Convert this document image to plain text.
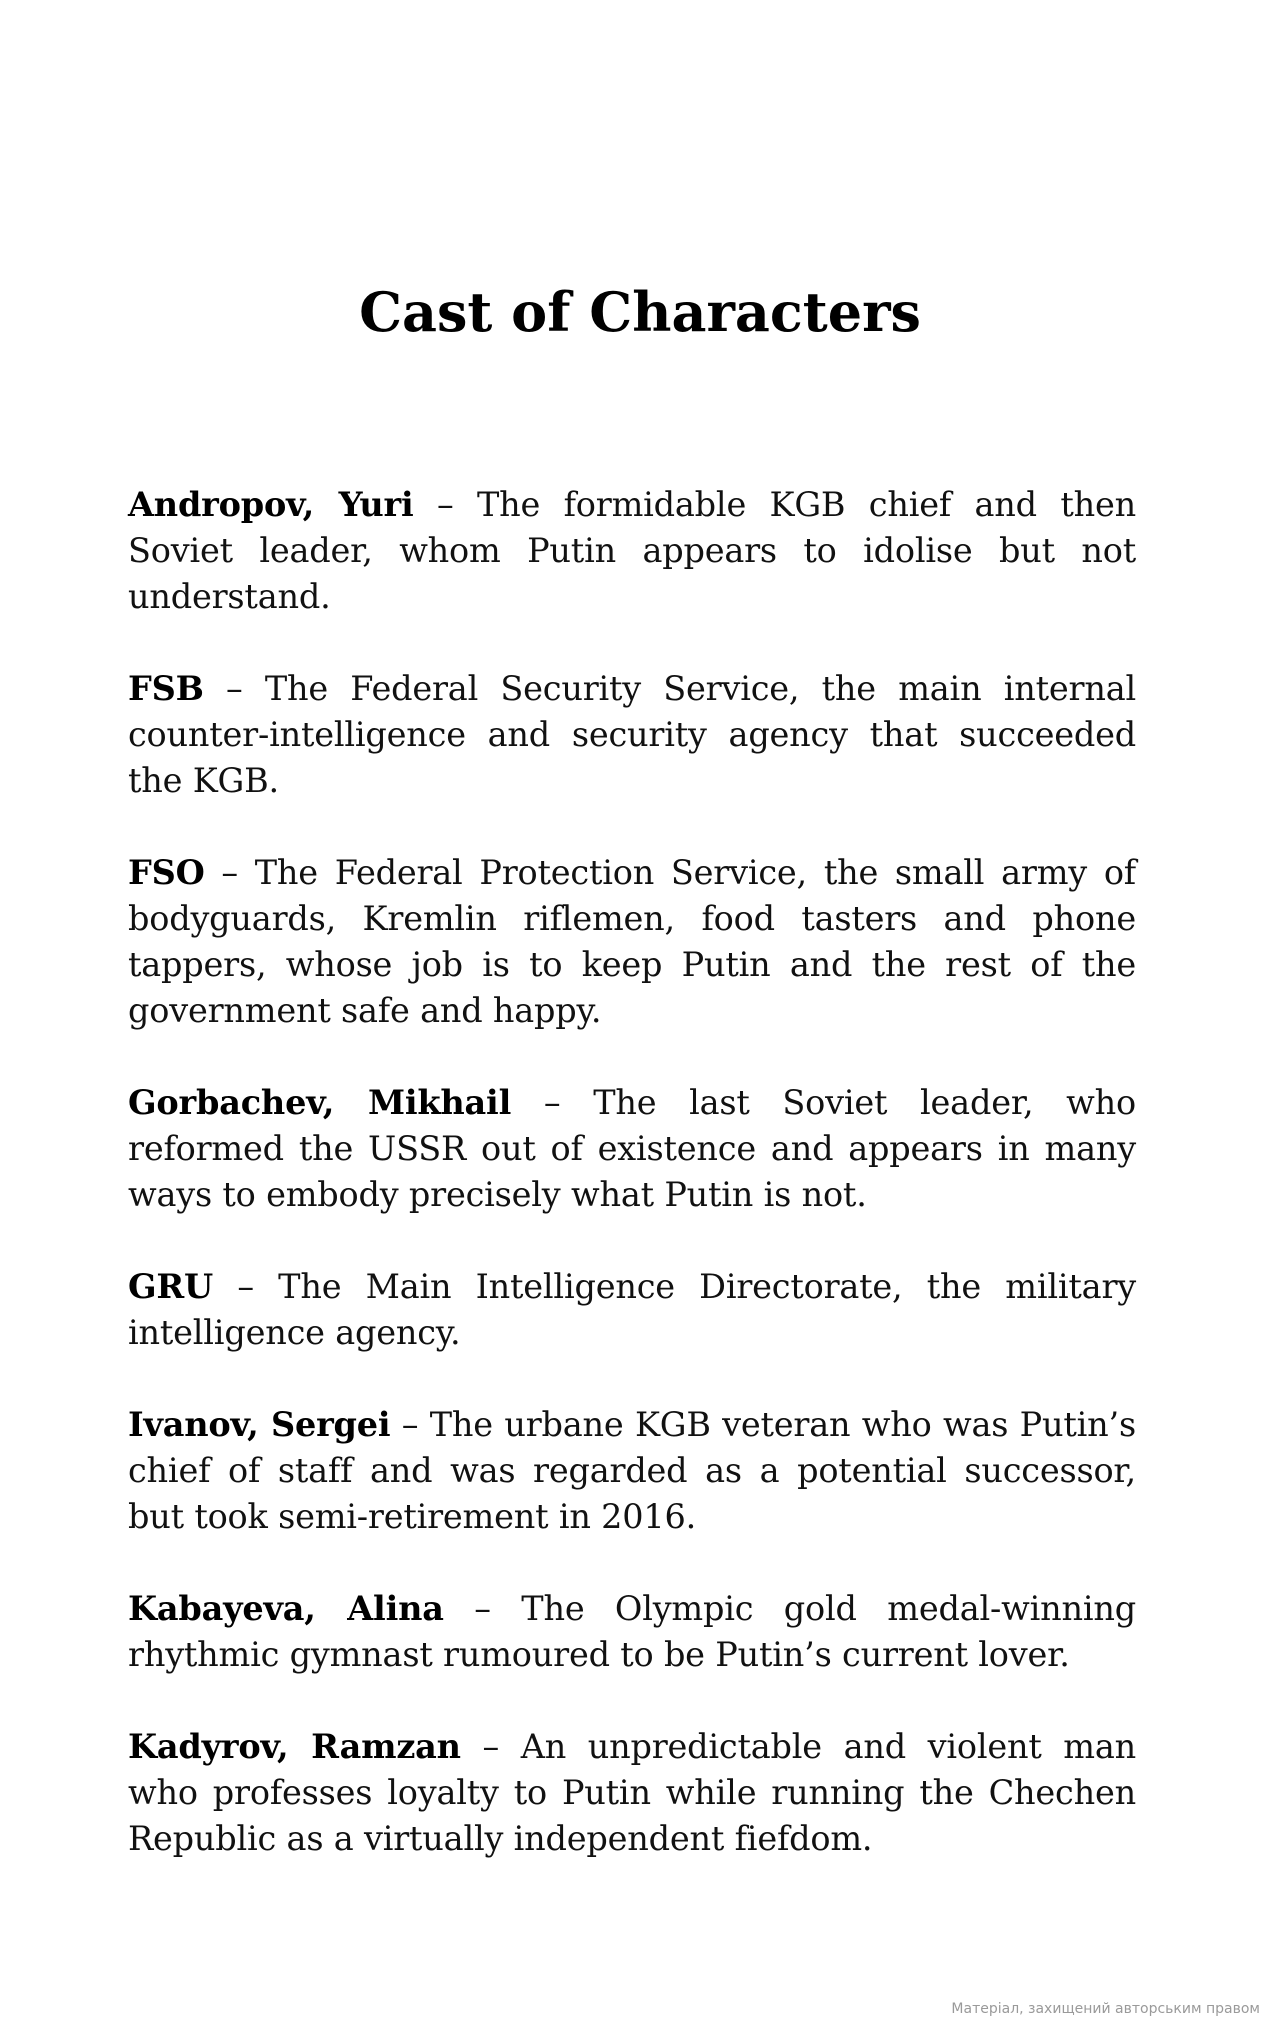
Cast of Characters

Andropov, Yuri – The formidable KGB chief and then Soviet leader, whom Putin appears to idolise but not understand.

FSB – The Federal Security Service, the main internal counter-intelligence and security agency that succeeded the KGB.

FSO – The Federal Protection Service, the small army of bodyguards, Kremlin riflemen, food tasters and phone tappers, whose job is to keep Putin and the rest of the government safe and happy.

Gorbachev, Mikhail – The last Soviet leader, who reformed the USSR out of existence and appears in many ways to embody precisely what Putin is not.

GRU – The Main Intelligence Directorate, the military intelligence agency.

Ivanov, Sergei – The urbane KGB veteran who was Putin’s chief of staff and was regarded as a potential successor, but took semi-retirement in 2016.

Kabayeva, Alina – The Olympic gold medal-winning rhythmic gymnast rumoured to be Putin’s current lover.

Kadyrov, Ramzan – An unpredictable and violent man who professes loyalty to Putin while running the Chechen Republic as a virtually independent fiefdom.

Матеріал, захищений авторським правом
